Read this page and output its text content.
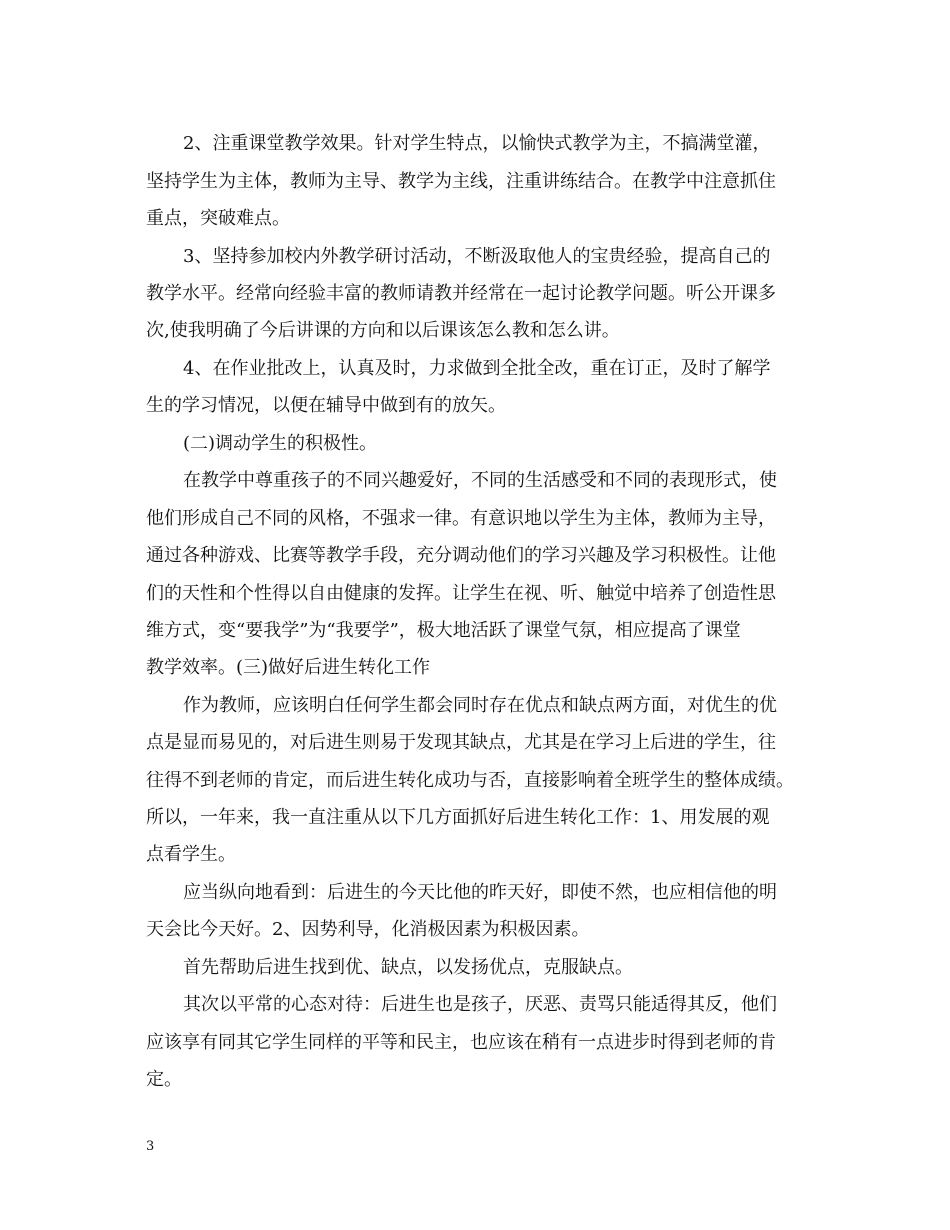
2、注重课堂教学效果。针对学生特点，以愉快式教学为主，不搞满堂灌，
坚持学生为主体，教师为主导、教学为主线，注重讲练结合。在教学中注意抓住
重点，突破难点。
3、坚持参加校内外教学研讨活动，不断汲取他人的宝贵经验，提高自己的
教学水平。经常向经验丰富的教师请教并经常在一起讨论教学问题。听公开课多
次,使我明确了今后讲课的方向和以后课该怎么教和怎么讲。
4、在作业批改上，认真及时，力求做到全批全改，重在订正，及时了解学
生的学习情况，以便在辅导中做到有的放矢。
(二)调动学生的积极性。
在教学中尊重孩子的不同兴趣爱好，不同的生活感受和不同的表现形式，使
他们形成自己不同的风格，不强求一律。有意识地以学生为主体，教师为主导，
通过各种游戏、比赛等教学手段，充分调动他们的学习兴趣及学习积极性。让他
们的天性和个性得以自由健康的发挥。让学生在视、听、触觉中培养了创造性思
维方式，变“要我学”为“我要学”，极大地活跃了课堂气氛，相应提高了课堂
教学效率。(三)做好后进生转化工作
作为教师，应该明白任何学生都会同时存在优点和缺点两方面，对优生的优
点是显而易见的，对后进生则易于发现其缺点，尤其是在学习上后进的学生，往
往得不到老师的肯定，而后进生转化成功与否，直接影响着全班学生的整体成绩。
所以，一年来，我一直注重从以下几方面抓好后进生转化工作：1、用发展的观
点看学生。
应当纵向地看到：后进生的今天比他的昨天好，即使不然，也应相信他的明
天会比今天好。2、因势利导，化消极因素为积极因素。
首先帮助后进生找到优、缺点，以发扬优点，克服缺点。
其次以平常的心态对待：后进生也是孩子，厌恶、责骂只能适得其反，他们
应该享有同其它学生同样的平等和民主，也应该在稍有一点进步时得到老师的肯
定。
3
